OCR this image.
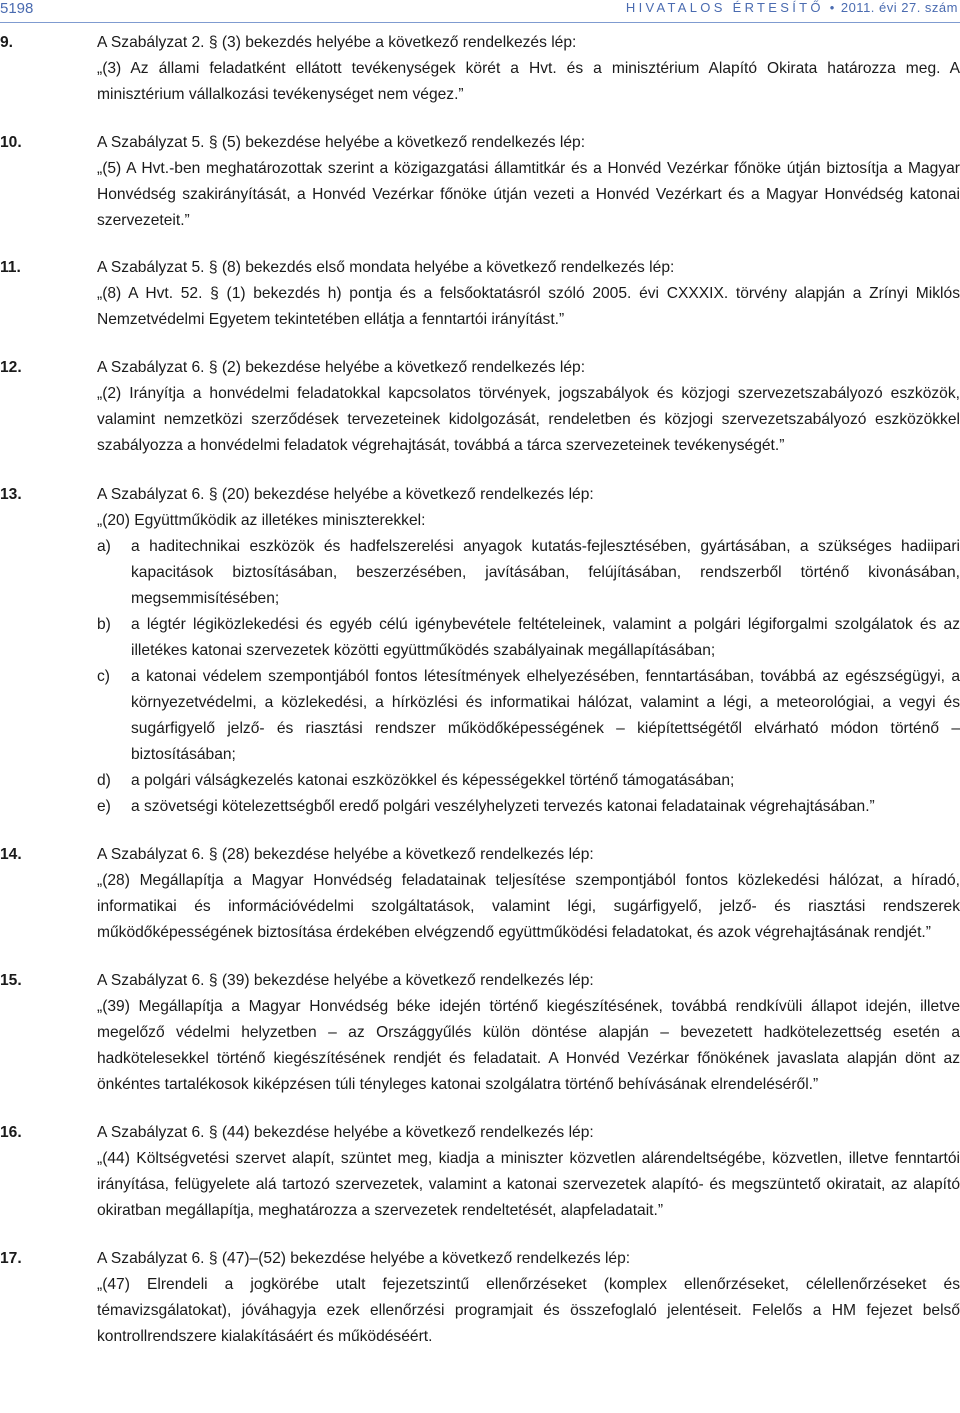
5198	HIVATALOS ÉRTESÍTŐ • 2011. évi 27. szám
9.	A Szabályzat 2. § (3) bekezdés helyébe a következő rendelkezés lép:

„(3) Az állami feladatként ellátott tevékenységek körét a Hvt. és a minisztérium Alapító Okirata határozza meg. A minisztérium vállalkozási tevékenységet nem végez.”

10.	A Szabályzat 5. § (5) bekezdése helyébe a következő rendelkezés lép:

„(5) A Hvt.-ben meghatározottak szerint a közigazgatási államtitkár és a Honvéd Vezérkar főnöke útján biztosítja a Magyar Honvédség szakirányítását, a Honvéd Vezérkar főnöke útján vezeti a Honvéd Vezérkart és a Magyar Honvédség katonai szervezeteit.”

11.	A Szabályzat 5. § (8) bekezdés első mondata helyébe a következő rendelkezés lép:

„(8) A Hvt. 52. § (1) bekezdés h) pontja és a felsőoktatásról szóló 2005. évi CXXXIX. törvény alapján a Zrínyi Miklós Nemzetvédelmi Egyetem tekintetében ellátja a fenntartói irányítást.”

12.	A Szabályzat 6. § (2) bekezdése helyébe a következő rendelkezés lép:

„(2) Irányítja a honvédelmi feladatokkal kapcsolatos törvények, jogszabályok és közjogi szervezetszabályozó eszközök, valamint nemzetközi szerződések tervezeteinek kidolgozását, rendeletben és közjogi szervezetszabályozó eszközökkel szabályozza a honvédelmi feladatok végrehajtását, továbbá a tárca szervezeteinek tevékenységét.”

13.	A Szabályzat 6. § (20) bekezdése helyébe a következő rendelkezés lép:

„(20) Együttműködik az illetékes miniszterekkel:

a)	a haditechnikai eszközök és hadfelszerelési anyagok kutatás-fejlesztésében, gyártásában, a szükséges hadiipari kapacitások biztosításában, beszerzésében, javításában, felújításában, rendszerből történő kivonásában, megsemmisítésében;
b)	a légtér légiközlekedési és egyéb célú igénybevétele feltételeinek, valamint a polgári légiforgalmi szolgálatok és az illetékes katonai szervezetek közötti együttműködés szabályainak megállapításában;
c)	a katonai védelem szempontjából fontos létesítmények elhelyezésében, fenntartásában, továbbá az egészségügyi, a környezetvédelmi, a közlekedési, a hírközlési és informatikai hálózat, valamint a légi, a meteorológiai, a vegyi és sugárfigyelő jelző- és riasztási rendszer működőképességének – kiépítettségétől elvárható módon történő – biztosításában;
d)	a polgári válságkezelés katonai eszközökkel és képességekkel történő támogatásában;
e)	a szövetségi kötelezettségből eredő polgári veszélyhelyzeti tervezés katonai feladatainak végrehajtásában.”
14.	A Szabályzat 6. § (28) bekezdése helyébe a következő rendelkezés lép:

„(28) Megállapítja a Magyar Honvédség feladatainak teljesítése szempontjából fontos közlekedési hálózat, a híradó, informatikai és információvédelmi szolgáltatások, valamint légi, sugárfigyelő, jelző- és riasztási rendszerek működőképességének biztosítása érdekében elvégzendő együttműködési feladatokat, és azok végrehajtásának rendjét.”

15.	A Szabályzat 6. § (39) bekezdése helyébe a következő rendelkezés lép:

„(39) Megállapítja a Magyar Honvédség béke idején történő kiegészítésének, továbbá rendkívüli állapot idején, illetve megelőző védelmi helyzetben – az Országgyűlés külön döntése alapján – bevezetett hadkötelezettség esetén a hadkötelesekkel történő kiegészítésének rendjét és feladatait. A Honvéd Vezérkar főnökének javaslata alapján dönt az önkéntes tartalékosok kiképzésen túli tényleges katonai szolgálatra történő behívásának elrendeléséről.”

16.	A Szabályzat 6. § (44) bekezdése helyébe a következő rendelkezés lép:

„(44) Költségvetési szervet alapít, szüntet meg, kiadja a miniszter közvetlen alárendeltségébe, közvetlen, illetve fenntartói irányítása, felügyelete alá tartozó szervezetek, valamint a katonai szervezetek alapító- és megszüntető okiratait, az alapító okiratban megállapítja, meghatározza a szervezetek rendeltetését, alapfeladatait.”

17.	A Szabályzat 6. § (47)–(52) bekezdése helyébe a következő rendelkezés lép:

„(47) Elrendeli a jogkörébe utalt fejezetszintű ellenőrzéseket (komplex ellenőrzéseket, célellenőrzéseket és témavizsgálatokat), jóváhagyja ezek ellenőrzési programjait és összefoglaló jelentéseit. Felelős a HM fejezet belső kontrollrendszere kialakításáért és működéséért.
